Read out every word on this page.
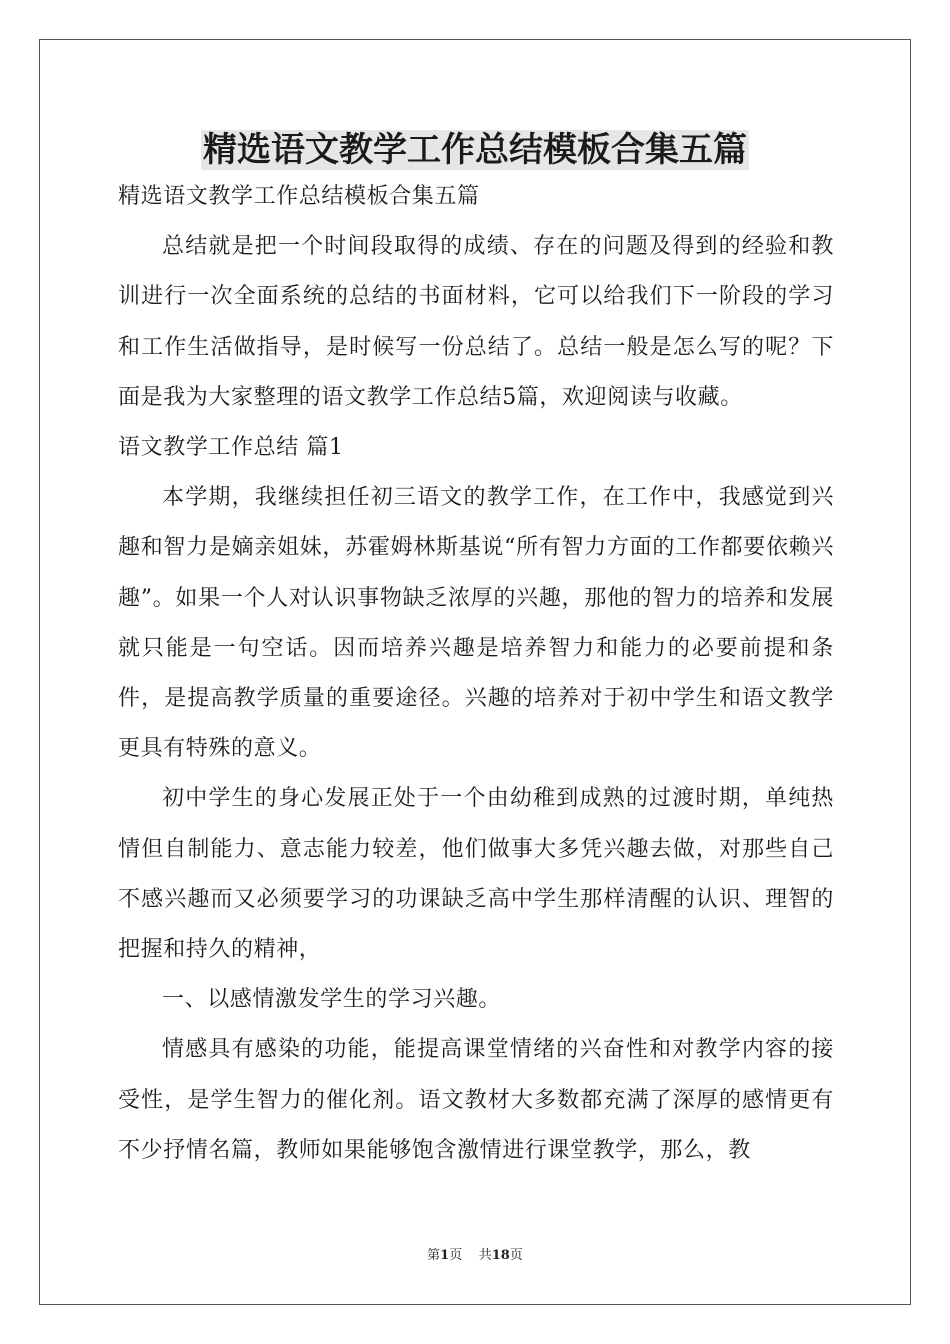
精选语文教学工作总结模板合集五篇

精选语文教学工作总结模板合集五篇

总结就是把一个时间段取得的成绩、存在的问题及得到的经验和教训进行一次全面系统的总结的书面材料，它可以给我们下一阶段的学习和工作生活做指导，是时候写一份总结了。总结一般是怎么写的呢？下面是我为大家整理的语文教学工作总结5篇，欢迎阅读与收藏。

语文教学工作总结 篇1

本学期，我继续担任初三语文的教学工作，在工作中，我感觉到兴趣和智力是嫡亲姐妹，苏霍姆林斯基说“所有智力方面的工作都要依赖兴趣”。如果一个人对认识事物缺乏浓厚的兴趣，那他的智力的培养和发展就只能是一句空话。因而培养兴趣是培养智力和能力的必要前提和条件，是提高教学质量的重要途径。兴趣的培养对于初中学生和语文教学更具有特殊的意义。

初中学生的身心发展正处于一个由幼稚到成熟的过渡时期，单纯热情但自制能力、意志能力较差，他们做事大多凭兴趣去做，对那些自己不感兴趣而又必须要学习的功课缺乏高中学生那样清醒的认识、理智的把握和持久的精神，

一、以感情激发学生的学习兴趣。

情感具有感染的功能，能提高课堂情绪的兴奋性和对教学内容的接受性，是学生智力的催化剂。语文教材大多数都充满了深厚的感情更有不少抒情名篇，教师如果能够饱含激情进行课堂教学，那么，教

第1页 共18页
